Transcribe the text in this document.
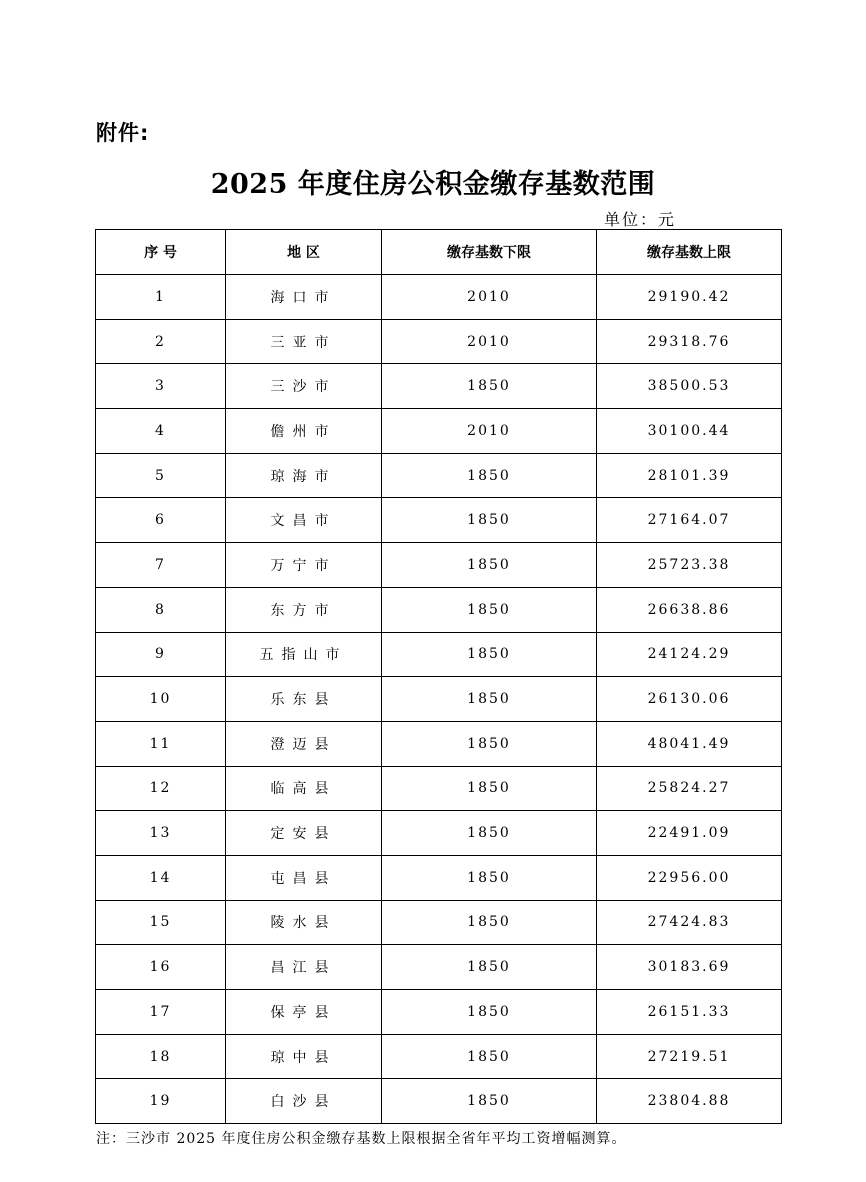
附件:
2025 年度住房公积金缴存基数范围
单位：元
序 号	地 区	缴存基数下限	缴存基数上限
1	海口市	2010	29190.42
2	三亚市	2010	29318.76
3	三沙市	1850	38500.53
4	儋州市	2010	30100.44
5	琼海市	1850	28101.39
6	文昌市	1850	27164.07
7	万宁市	1850	25723.38
8	东方市	1850	26638.86
9	五指山市	1850	24124.29
10	乐东县	1850	26130.06
11	澄迈县	1850	48041.49
12	临高县	1850	25824.27
13	定安县	1850	22491.09
14	屯昌县	1850	22956.00
15	陵水县	1850	27424.83
16	昌江县	1850	30183.69
17	保亭县	1850	26151.33
18	琼中县	1850	27219.51
19	白沙县	1850	23804.88
注：三沙市 2025 年度住房公积金缴存基数上限根据全省年平均工资增幅测算。
